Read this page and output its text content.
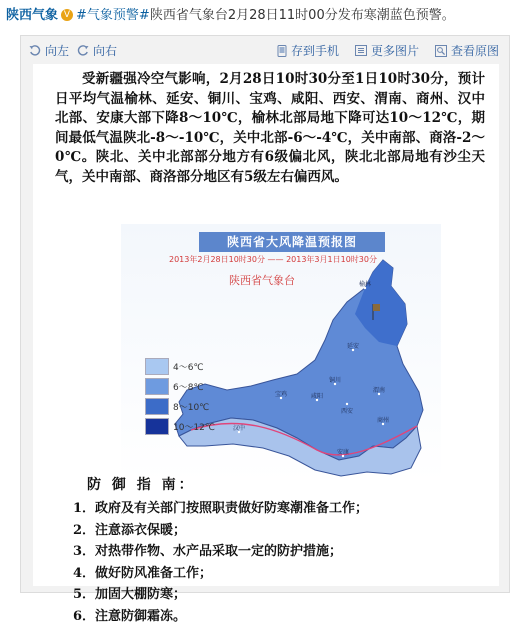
陕西气象 V #气象预警#陕西省气象台2月28日11时00分发布寒潮蓝色预警。
向左 向右	存到手机	更多图片	查看原图

受新疆强冷空气影响，2月28日10时30分至1日10时30分，预计日平均气温榆林、延安、铜川、宝鸡、咸阳、西安、渭南、商州、汉中北部、安康大部下降8～10℃，榆林北部局地下降可达10～12℃，期间最低气温陕北-8～-10℃，关中北部-6～-4℃，关中南部、商洛-2～0℃。陕北、关中北部部分地方有6级偏北风，陕北北部局地有沙尘天气，关中南部、商洛部分地区有5级左右偏西风。

陕西省大风降温预报图
2013年2月28日10时30分 —— 2013年3月1日10时30分
陕西省气象台
4～6℃
6～8℃
8～10℃
10～12℃
榆林
延安
铜川
宝鸡	咸阳
西安
渭南
商州
汉中
安康
防 御 指 南：
1．政府及有关部门按照职责做好防寒潮准备工作；
2．注意添衣保暖；
3．对热带作物、水产品采取一定的防护措施；
4．做好防风准备工作；
5．加固大棚防寒；
6．注意防御霜冻。
